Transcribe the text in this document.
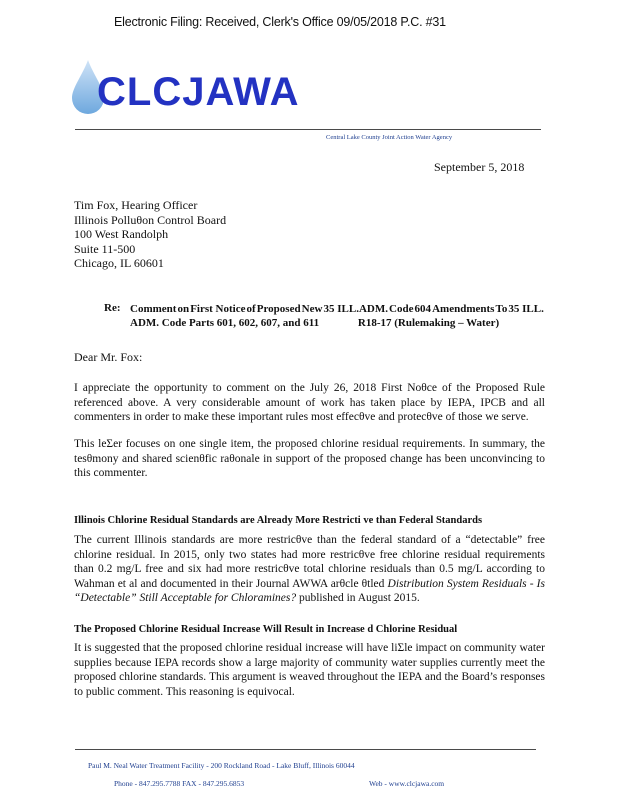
Electronic Filing: Received, Clerk's Office 09/05/2018 P.C. #31
CLCJAWA
Central Lake County Joint Action Water Agency
September 5, 2018
Tim Fox, Hearing Officer
Illinois Polluθon Control Board
100 West Randolph
Suite 11-500
Chicago, IL 60601
Re: Comment on First Notice of Proposed New 35 ILL.ADM. Code 604 Amendments To 35 ILL.
ADM. Code Parts 601, 602, 607, and 611	R18-17 (Rulemaking – Water)
Dear Mr. Fox:
I appreciate the opportunity to comment on the July 26, 2018 First Noθce of the Proposed Rule referenced above. A very considerable amount of work has taken place by IEPA, IPCB and all commenters in order to make these important rules most effecθve and protecθve of those we serve.
This leΣer focuses on one single item, the proposed chlorine residual requirements. In summary, the tesθmony and shared scienθfic raθonale in support of the proposed change has been unconvincing to this commenter.
Illinois Chlorine Residual Standards are Already More Restricti ve than Federal Standards
The current Illinois standards are more restricθve than the federal standard of a “detectable” free chlorine residual. In 2015, only two states had more restricθve free chlorine residual requirements than 0.2 mg/L free and six had more restricθve total chlorine residuals than 0.5 mg/L according to Wahman et al and documented in their Journal AWWA arθcle θtled Distribution System Residuals - Is “Detectable” Still Acceptable for Chloramines? published in August 2015.
The Proposed Chlorine Residual Increase Will Result in Increase d Chlorine Residual
It is suggested that the proposed chlorine residual increase will have liΣle impact on community water supplies because IEPA records show a large majority of community water supplies currently meet the proposed chlorine standards. This argument is weaved throughout the IEPA and the Board’s responses to public comment. This reasoning is equivocal.
Paul M. Neal Water Treatment Facility - 200 Rockland Road - Lake Bluff, Illinois 60044
Phone - 847.295.7788 FAX - 847.295.6853	Web - www.clcjawa.com
